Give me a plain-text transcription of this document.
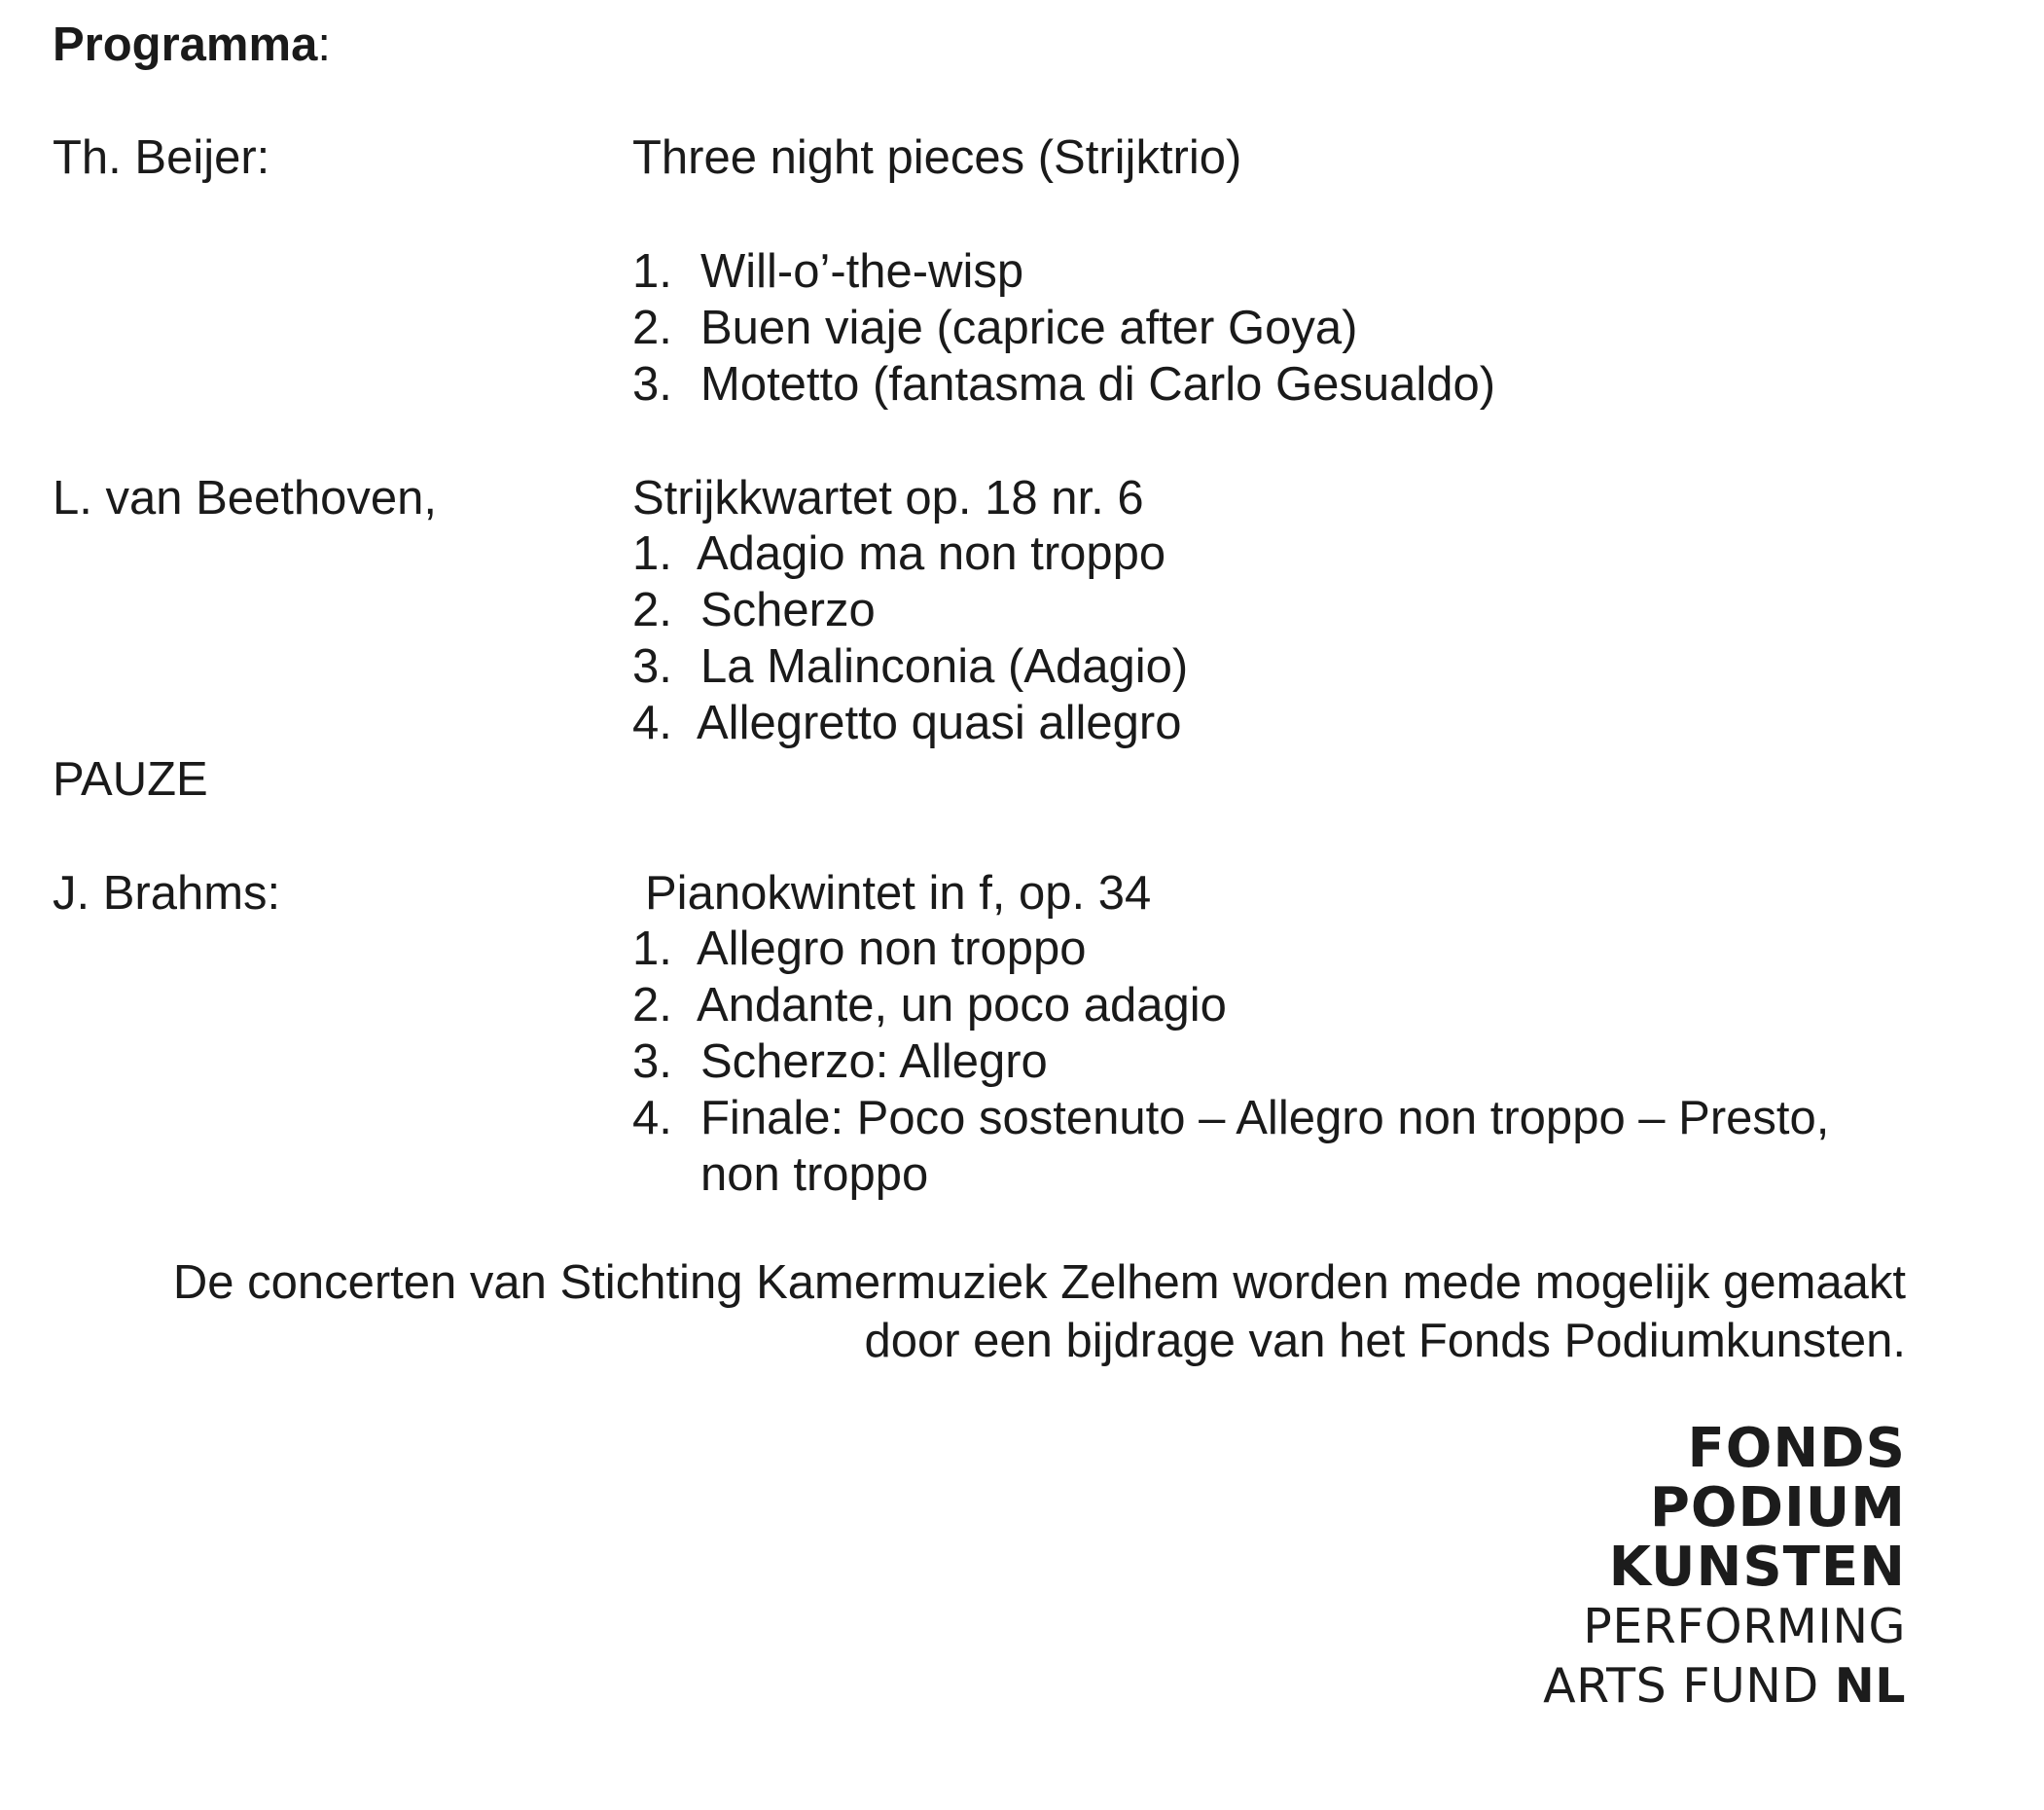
Programma:
Th. Beijer:	Three night pieces (Strijktrio)
1. Will-o’-the-wisp
2. Buen viaje (caprice after Goya)
3. Motetto (fantasma di Carlo Gesualdo)
L. van Beethoven,	Strijkkwartet op. 18 nr. 6
1. Adagio ma non troppo
2. Scherzo
3. La Malinconia (Adagio)
4. Allegretto quasi allegro
PAUZE
J. Brahms:	Pianokwintet in f, op. 34
1. Allegro non troppo
2. Andante, un poco adagio
3. Scherzo: Allegro
4. Finale: Poco sostenuto – Allegro non troppo – Presto,
non troppo
De concerten van Stichting Kamermuziek Zelhem worden mede mogelijk gemaakt
door een bijdrage van het Fonds Podiumkunsten.
FONDS
PODIUM
KUNSTEN
PERFORMING
ARTS FUND NL
